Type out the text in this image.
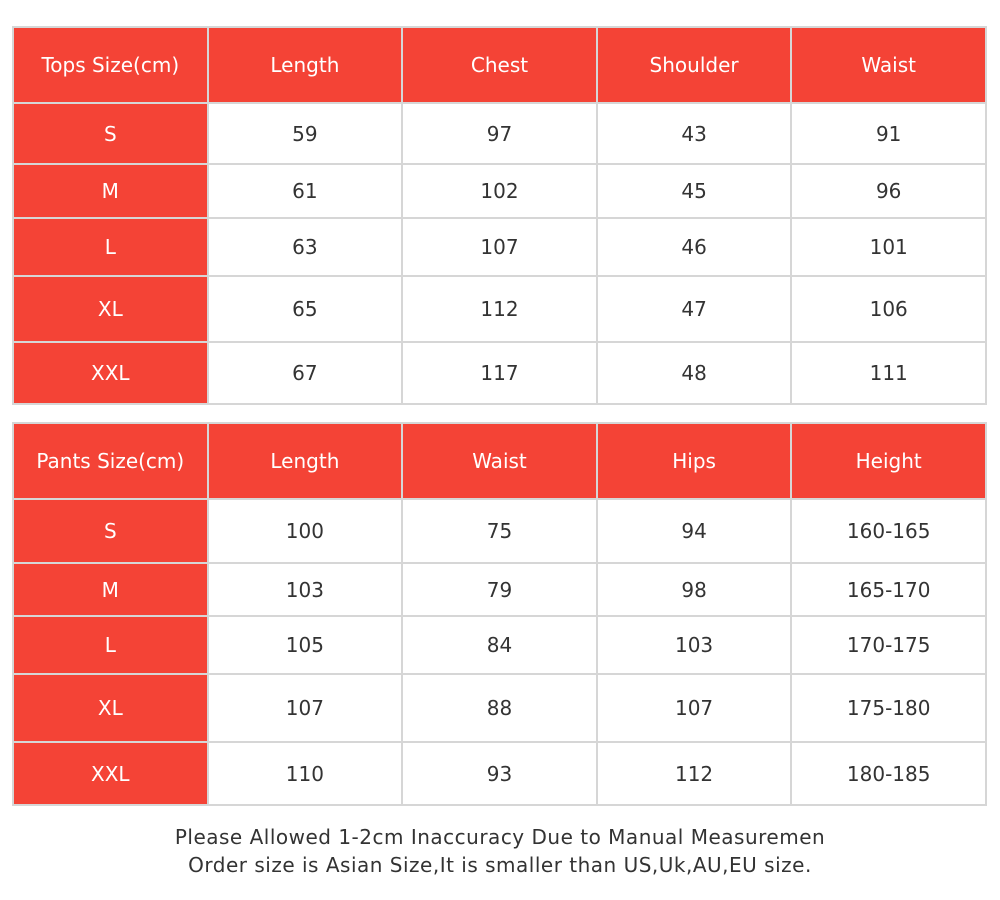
Tops Size(cm)	Length	Chest	Shoulder	Waist
S	59	97	43	91
M	61	102	45	96
L	63	107	46	101
XL	65	112	47	106
XXL	67	117	48	111
Pants Size(cm)	Length	Waist	Hips	Height
S	100	75	94	160-165
M	103	79	98	165-170
L	105	84	103	170-175
XL	107	88	107	175-180
XXL	110	93	112	180-185
Please Allowed 1-2cm Inaccuracy Due to Manual Measuremen
Order size is Asian Size,It is smaller than US,Uk,AU,EU size.
